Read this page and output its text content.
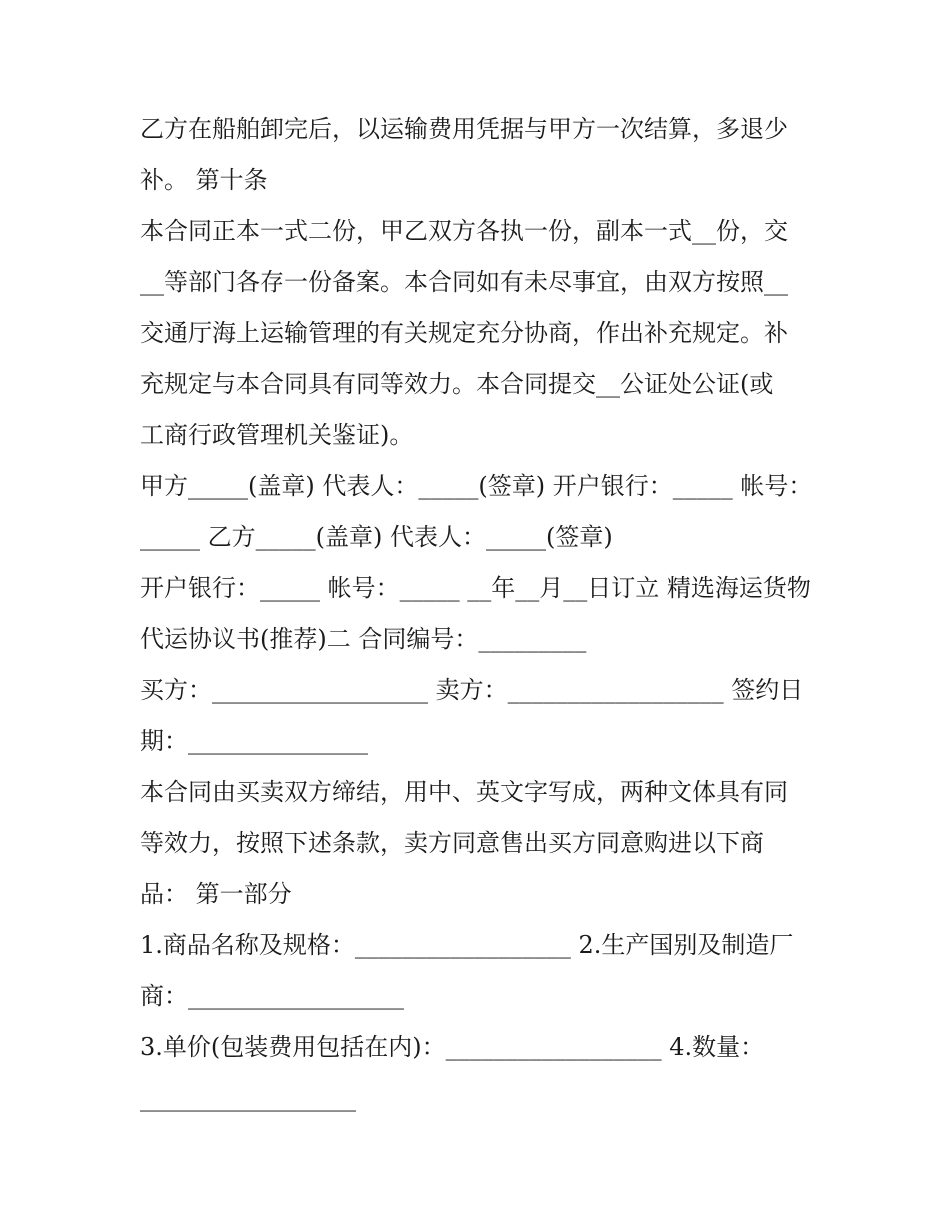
乙方在船舶卸完后，以运输费用凭据与甲方一次结算，多退少
补。 第十条
本合同正本一式二份，甲乙双方各执一份，副本一式__份，交
__等部门各存一份备案。本合同如有未尽事宜，由双方按照__
交通厅海上运输管理的有关规定充分协商，作出补充规定。补
充规定与本合同具有同等效力。本合同提交__公证处公证(或
工商行政管理机关鉴证)。
甲方_____(盖章) 代表人：_____(签章) 开户银行：_____ 帐号：
_____ 乙方_____(盖章) 代表人：_____(签章)
开户银行：_____ 帐号：_____ __年__月__日订立 精选海运货物
代运协议书(推荐)二 合同编号：_________
买方：__________________ 卖方：__________________ 签约日
期：_______________
本合同由买卖双方缔结，用中、英文字写成，两种文体具有同
等效力，按照下述条款，卖方同意售出买方同意购进以下商
品： 第一部分
1.商品名称及规格：__________________ 2.生产国别及制造厂
商：__________________
3.单价(包装费用包括在内)：__________________ 4.数量：
__________________
